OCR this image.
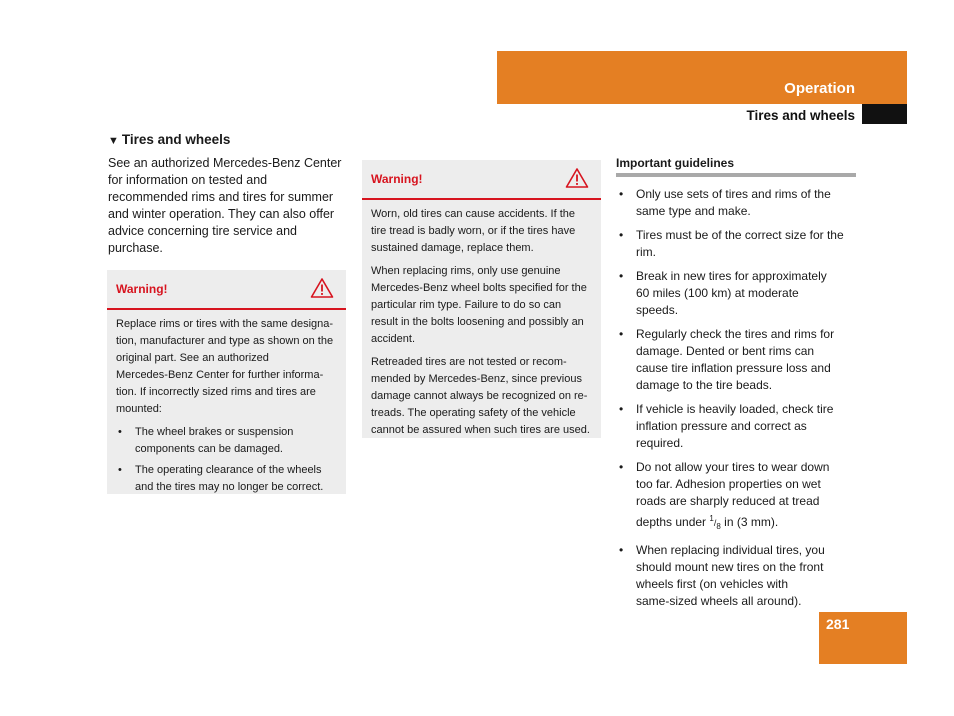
Operation
Tires and wheels
▼ Tires and wheels
See an authorized Mercedes-Benz Center
for information on tested and
recommended rims and tires for summer
and winter operation. They can also offer
advice concerning tire service and
purchase.
Warning!

Replace rims or tires with the same designa-
tion, manufacturer and type as shown on the
original part. See an authorized
Mercedes-Benz Center for further informa-
tion. If incorrectly sized rims and tires are
mounted:

• The wheel brakes or suspension
components can be damaged.
• The operating clearance of the wheels
and the tires may no longer be correct.
Warning!

Worn, old tires can cause accidents. If the
tire tread is badly worn, or if the tires have
sustained damage, replace them.

When replacing rims, only use genuine
Mercedes-Benz wheel bolts specified for the
particular rim type. Failure to do so can
result in the bolts loosening and possibly an
accident.

Retreaded tires are not tested or recom-
mended by Mercedes-Benz, since previous
damage cannot always be recognized on re-
treads. The operating safety of the vehicle
cannot be assured when such tires are used.

Important guidelines
• Only use sets of tires and rims of the
same type and make.
• Tires must be of the correct size for the
rim.
• Break in new tires for approximately
60 miles (100 km) at moderate
speeds.
• Regularly check the tires and rims for
damage. Dented or bent rims can
cause tire inflation pressure loss and
damage to the tire beads.
• If vehicle is heavily loaded, check tire
inflation pressure and correct as
required.
• Do not allow your tires to wear down
too far. Adhesion properties on wet
roads are sharply reduced at tread
depths under $^1/_8$ in (3 mm).
• When replacing individual tires, you
should mount new tires on the front
wheels first (on vehicles with
same-sized wheels all around).
281
